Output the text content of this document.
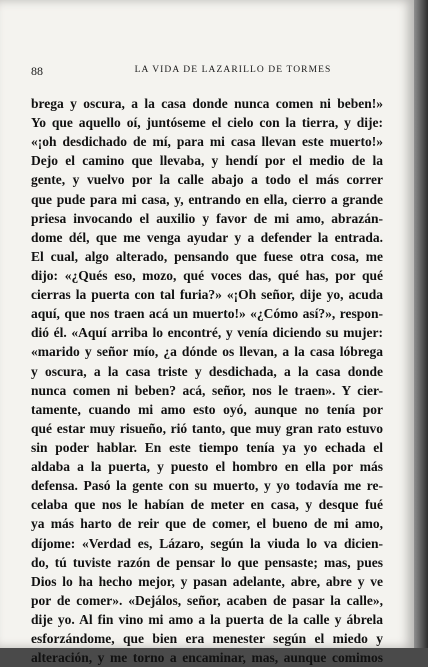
88	LA VIDA DE LAZARILLO DE TORMES
brega y oscura, a la casa donde nunca comen ni beben!»
Yo que aquello oí, juntóseme el cielo con la tierra, y dije:
«¡oh desdichado de mí, para mi casa llevan este muerto!»
Dejo el camino que llevaba, y hendí por el medio de la
gente, y vuelvo por la calle abajo a todo el más correr
que pude para mi casa, y, entrando en ella, cierro a grande
priesa invocando el auxilio y favor de mi amo, abrazán-
dome dél, que me venga ayudar y a defender la entrada.
El cual, algo alterado, pensando que fuese otra cosa, me
dijo: «¿Qués eso, mozo, qué voces das, qué has, por qué
cierras la puerta con tal furia?» «¡Oh señor, dije yo, acuda
aquí, que nos traen acá un muerto!» «¿Cómo así?», respon-
dió él. «Aquí arriba lo encontré, y venía diciendo su mujer:
«marido y señor mío, ¿a dónde os llevan, a la casa lóbrega
y oscura, a la casa triste y desdichada, a la casa donde
nunca comen ni beben? acá, señor, nos le traen». Y cier-
tamente, cuando mi amo esto oyó, aunque no tenía por
qué estar muy risueño, rió tanto, que muy gran rato estuvo
sin poder hablar. En este tiempo tenía ya yo echada el
aldaba a la puerta, y puesto el hombro en ella por más
defensa. Pasó la gente con su muerto, y yo todavía me re-
celaba que nos le habían de meter en casa, y desque fué
ya más harto de reir que de comer, el bueno de mi amo,
díjome: «Verdad es, Lázaro, según la viuda lo va dicien-
do, tú tuviste razón de pensar lo que pensaste; mas, pues
Dios lo ha hecho mejor, y pasan adelante, abre, abre y ve
por de comer». «Dejálos, señor, acaben de pasar la calle»,
dije yo. Al fin vino mi amo a la puerta de la calle y ábrela
esforzándome, que bien era menester según el miedo y
alteración, y me torno a encaminar, mas, aunque comimos
